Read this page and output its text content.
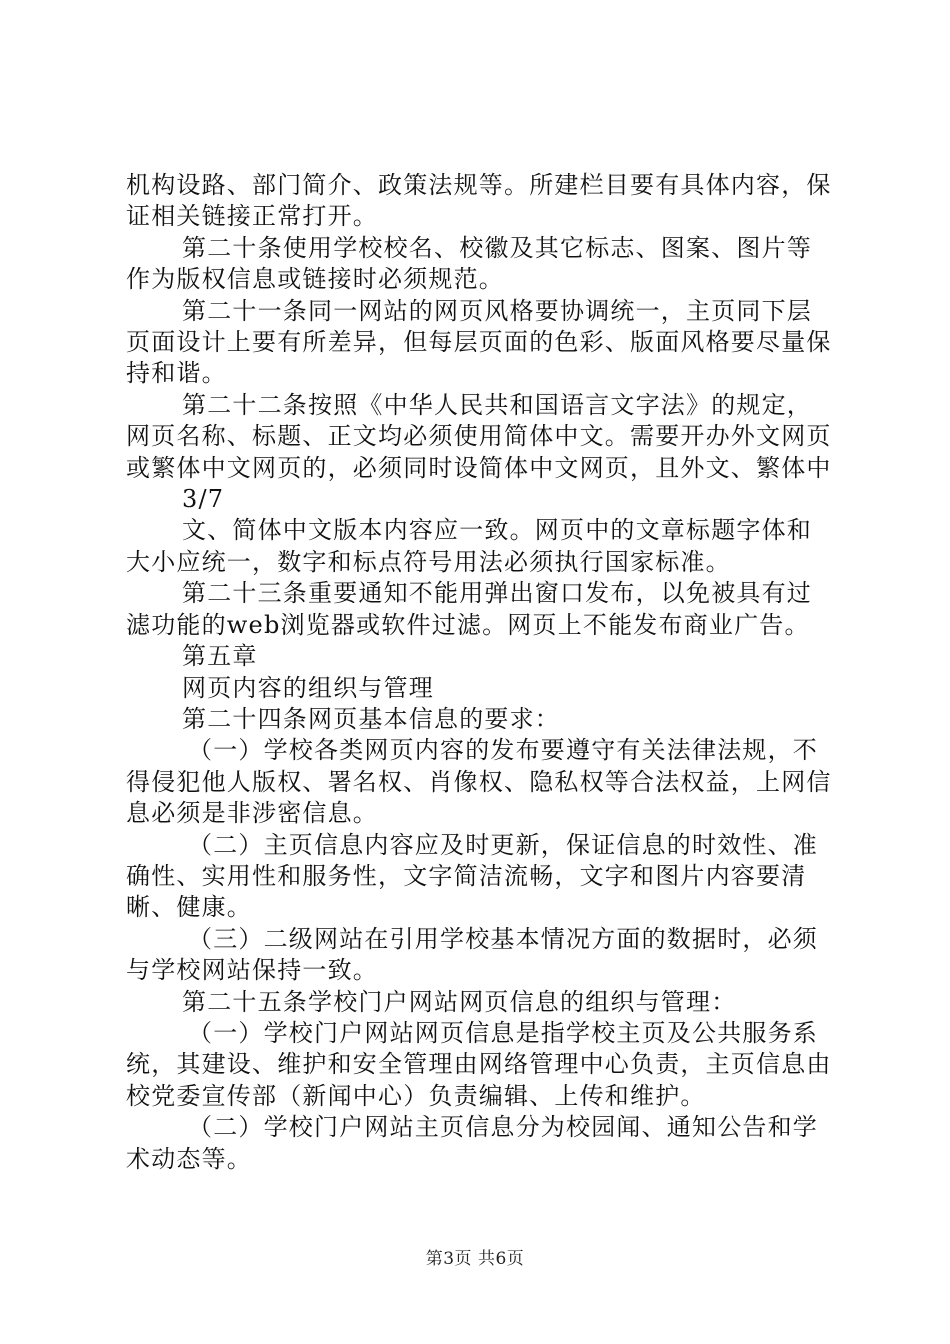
机构设路、部门简介、政策法规等。所建栏目要有具体内容，保证相关链接正常打开。

第二十条使用学校校名、校徽及其它标志、图案、图片等作为版权信息或链接时必须规范。

第二十一条同一网站的网页风格要协调统一，主页同下层页面设计上要有所差异，但每层页面的色彩、版面风格要尽量保持和谐。

第二十二条按照《中华人民共和国语言文字法》的规定，网页名称、标题、正文均必须使用简体中文。需要开办外文网页或繁体中文网页的，必须同时设简体中文网页，且外文、繁体中

3/7

文、简体中文版本内容应一致。网页中的文章标题字体和大小应统一，数字和标点符号用法必须执行国家标准。

第二十三条重要通知不能用弹出窗口发布，以免被具有过滤功能的web浏览器或软件过滤。网页上不能发布商业广告。

第五章

网页内容的组织与管理

第二十四条网页基本信息的要求：

（一）学校各类网页内容的发布要遵守有关法律法规，不得侵犯他人版权、署名权、肖像权、隐私权等合法权益，上网信息必须是非涉密信息。

（二）主页信息内容应及时更新，保证信息的时效性、准确性、实用性和服务性，文字简洁流畅，文字和图片内容要清晰、健康。

（三）二级网站在引用学校基本情况方面的数据时，必须与学校网站保持一致。

第二十五条学校门户网站网页信息的组织与管理：

（一）学校门户网站网页信息是指学校主页及公共服务系统，其建设、维护和安全管理由网络管理中心负责，主页信息由校党委宣传部（新闻中心）负责编辑、上传和维护。

（二）学校门户网站主页信息分为校园闻、通知公告和学术动态等。

第3页 共6页
